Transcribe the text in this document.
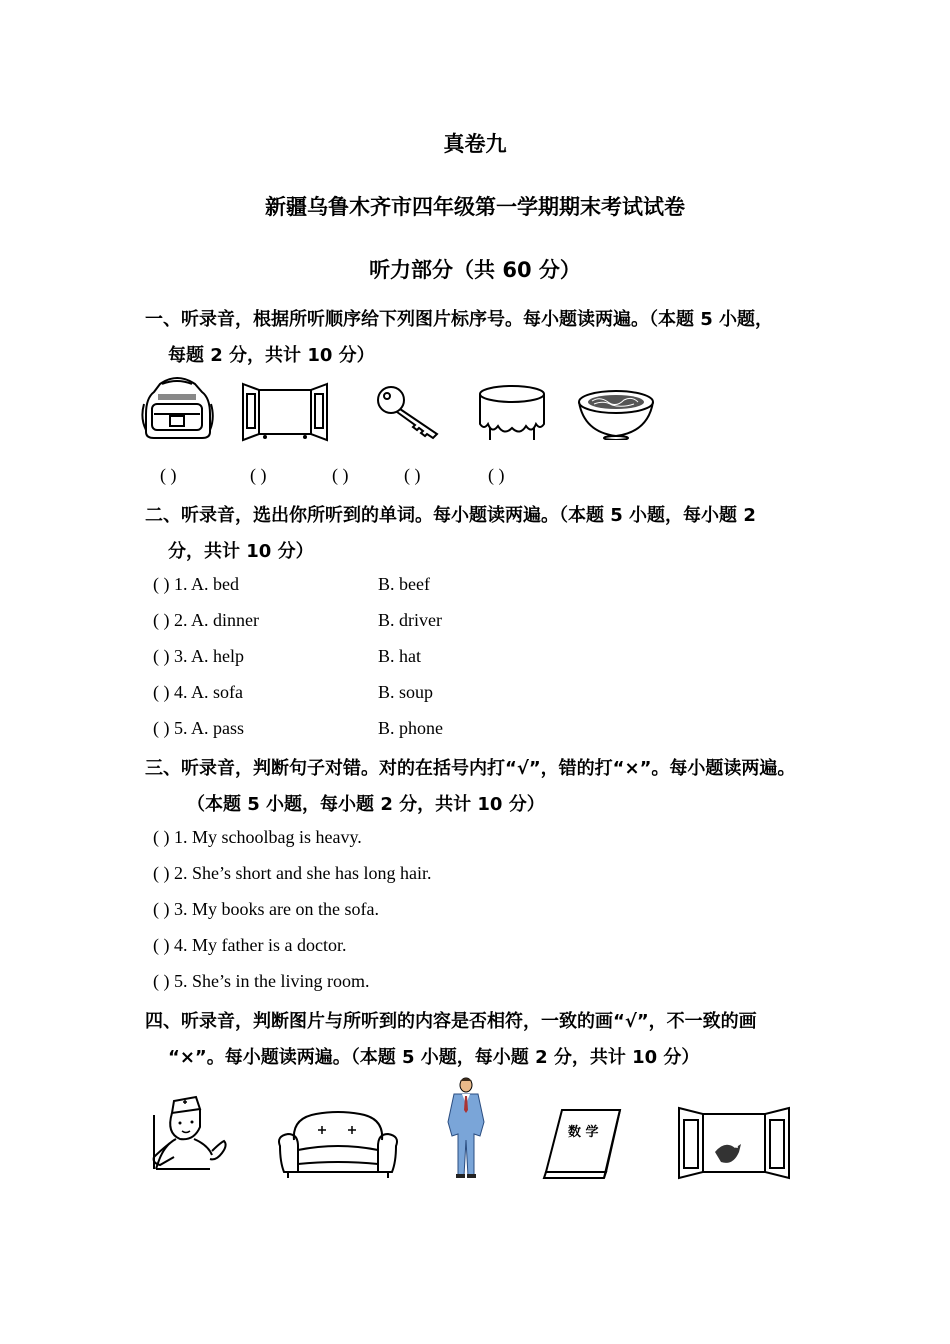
真卷九
新疆乌鲁木齐市四年级第一学期期末考试试卷
听力部分（共 60 分）
一、听录音，根据所听顺序给下列图片标序号。每小题读两遍。（本题 5 小题，
每题 2 分，共计 10 分）
( )	( )	( )	( )	( )
二、听录音，选出你所听到的单词。每小题读两遍。（本题 5 小题，每小题 2
分，共计 10 分）
( ) 1. A. bed	B. beef
( ) 2. A. dinner	B. driver
( ) 3. A. help	B. hat
( ) 4. A. sofa	B. soup
( ) 5. A. pass	B. phone
三、听录音，判断句子对错。对的在括号内打“√”，错的打“×”。每小题读两遍。
（本题 5 小题，每小题 2 分，共计 10 分）
( ) 1. My schoolbag is heavy.
( ) 2. She’s short and she has long hair.
( ) 3. My books are on the sofa.
( ) 4. My father is a doctor.
( ) 5. She’s in the living room.
四、听录音，判断图片与所听到的内容是否相符，一致的画“√”，不一致的画
“×”。每小题读两遍。（本题 5 小题，每小题 2 分，共计 10 分）
数 学
